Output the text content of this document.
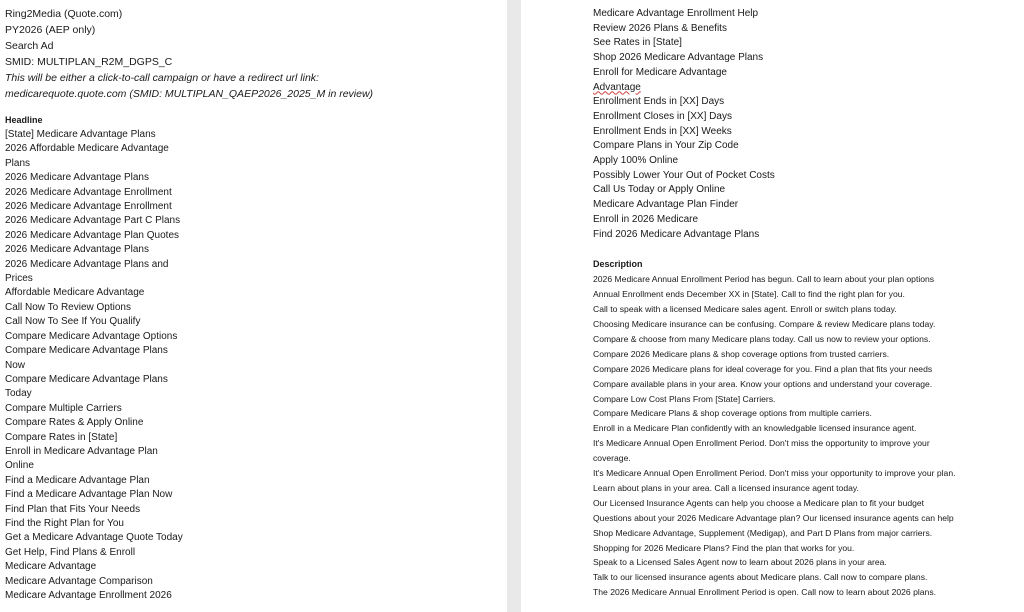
Ring2Media (Quote.com)
PY2026 (AEP only)
Search Ad
SMID: MULTIPLAN_R2M_DGPS_C
This will be either a click-to-call campaign or have a redirect url link:
medicarequote.quote.com (SMID: MULTIPLAN_QAEP2026_2025_M in review)
Headline
[State] Medicare Advantage Plans
2026 Affordable Medicare Advantage
Plans
2026 Medicare Advantage Plans
2026 Medicare Advantage Enrollment
2026 Medicare Advantage Enrollment
2026 Medicare Advantage Part C Plans
2026 Medicare Advantage Plan Quotes
2026 Medicare Advantage Plans
2026 Medicare Advantage Plans and
Prices
Affordable Medicare Advantage
Call Now To Review Options
Call Now To See If You Qualify
Compare Medicare Advantage Options
Compare Medicare Advantage Plans
Now
Compare Medicare Advantage Plans
Today
Compare Multiple Carriers
Compare Rates & Apply Online
Compare Rates in [State]
Enroll in Medicare Advantage Plan
Online
Find a Medicare Advantage Plan
Find a Medicare Advantage Plan Now
Find Plan that Fits Your Needs
Find the Right Plan for You
Get a Medicare Advantage Quote Today
Get Help, Find Plans & Enroll
Medicare Advantage
Medicare Advantage Comparison
Medicare Advantage Enrollment 2026
Medicare Advantage Enrollment Help
Review 2026 Plans & Benefits
See Rates in [State]
Shop 2026 Medicare Advantage Plans
Enroll for Medicare Advantage
Advantage
Enrollment Ends in [XX] Days
Enrollment Closes in [XX] Days
Enrollment Ends in [XX] Weeks
Compare Plans in Your Zip Code
Apply 100% Online
Possibly Lower Your Out of Pocket Costs
Call Us Today or Apply Online
Medicare Advantage Plan Finder
Enroll in 2026 Medicare
Find 2026 Medicare Advantage Plans
Description
2026 Medicare Annual Enrollment Period has begun. Call to learn about your plan options
Annual Enrollment ends December XX in [State]. Call to find the right plan for you.
Call to speak with a licensed Medicare sales agent. Enroll or switch plans today.
Choosing Medicare insurance can be confusing. Compare & review Medicare plans today.
Compare & choose from many Medicare plans today. Call us now to review your options.
Compare 2026 Medicare plans & shop coverage options from trusted carriers.
Compare 2026 Medicare plans for ideal coverage for you. Find a plan that fits your needs
Compare available plans in your area. Know your options and understand your coverage.
Compare Low Cost Plans From [State] Carriers.
Compare Medicare Plans & shop coverage options from multiple carriers.
Enroll in a Medicare Plan confidently with an knowledgable licensed insurance agent.
It's Medicare Annual Open Enrollment Period. Don't miss the opportunity to improve your
coverage.
It's Medicare Annual Open Enrollment Period. Don't miss your opportunity to improve your plan.
Learn about plans in your area. Call a licensed insurance agent today.
Our Licensed Insurance Agents can help you choose a Medicare plan to fit your budget
Questions about your 2026 Medicare Advantage plan? Our licensed insurance agents can help
Shop Medicare Advantage, Supplement (Medigap), and Part D Plans from major carriers.
Shopping for 2026 Medicare Plans? Find the plan that works for you.
Speak to a Licensed Sales Agent now to learn about 2026 plans in your area.
Talk to our licensed insurance agents about Medicare plans. Call now to compare plans.
The 2026 Medicare Annual Enrollment Period is open. Call now to learn about 2026 plans.
